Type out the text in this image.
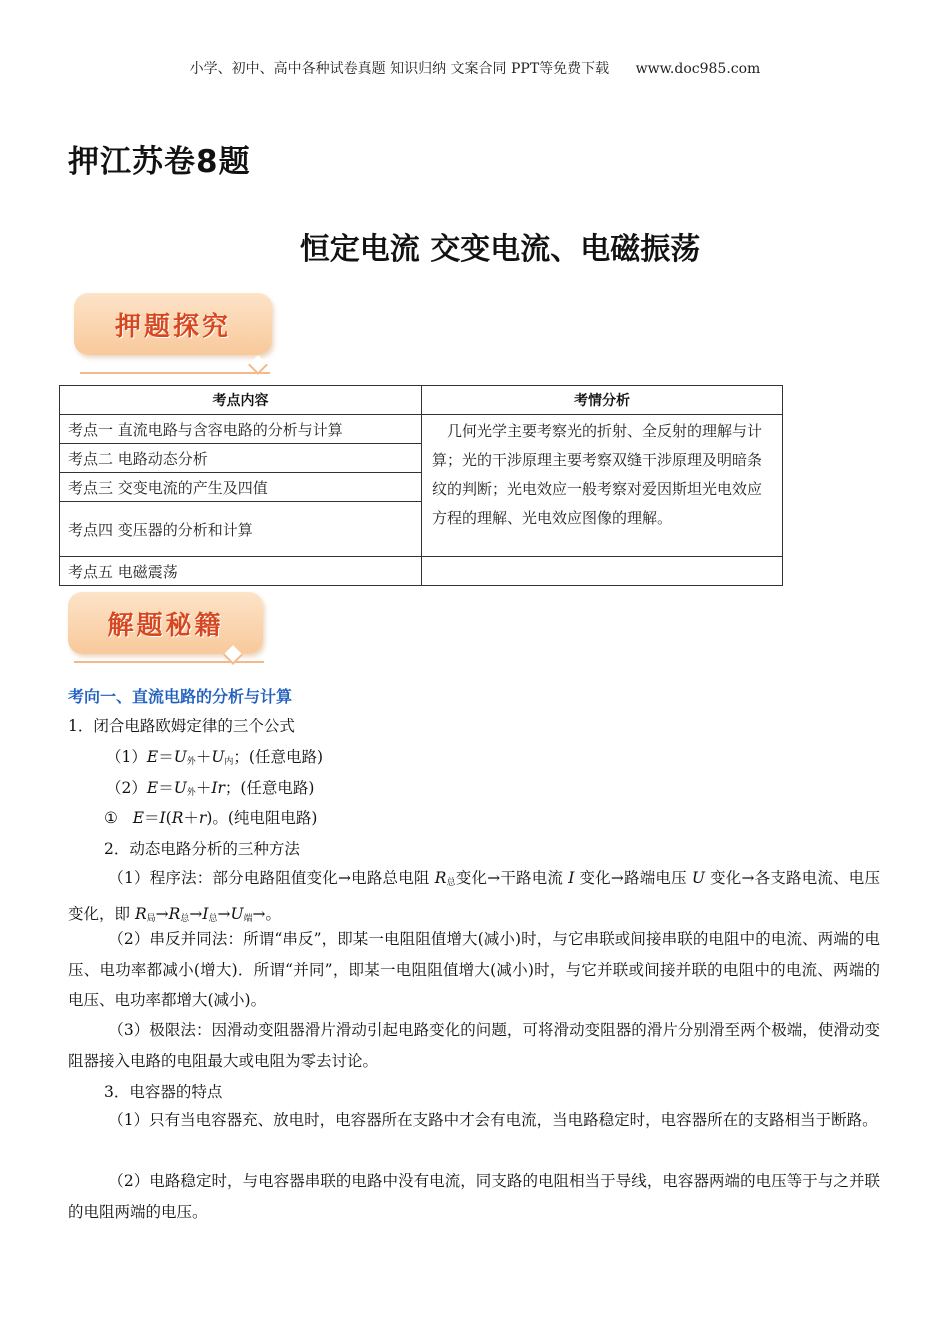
小学、初中、高中各种试卷真题 知识归纳 文案合同 PPT等免费下载 www.doc985.com
押江苏卷8题
恒定电流 交变电流、电磁振荡
押题探究
考点内容	考情分析
考点一 直流电路与含容电路的分析与计算	几何光学主要考察光的折射、全反射的理解与计算；光的干涉原理主要考察双缝干涉原理及明暗条纹的判断；光电效应一般考察对爱因斯坦光电效应方程的理解、光电效应图像的理解。
考点二 电路动态分析	
考点三 交变电流的产生及四值	
考点四 变压器的分析和计算	
考点五 电磁震荡	
解题秘籍
考向一、直流电路的分析与计算
1．闭合电路欧姆定律的三个公式
$(1)E=U_外+U_内$；(任意电路)
$(2)E=U_外+Ir$；(任意电路)
①   E＝I(R＋r)。(纯电阻电路)
2．动态电路分析的三种方法
（1）程序法：部分电路阻值变化→电路总电阻 $R_总$变化→干路电流 I 变化→路端电压 U 变化→各支路电流、电压变化，即 $R_局\to R_总\to I_总\to U_端\to$。
（2）串反并同法：所谓“串反”，即某一电阻阻值增大(减小)时，与它串联或间接串联的电阻中的电流、两端的电压、电功率都减小(增大)．所谓“并同”，即某一电阻阻值增大(减小)时，与它并联或间接并联的电阻中的电流、两端的电压、电功率都增大(减小)。
（3）极限法：因滑动变阻器滑片滑动引起电路变化的问题，可将滑动变阻器的滑片分别滑至两个极端，使滑动变阻器接入电路的电阻最大或电阻为零去讨论。
3．电容器的特点
（1）只有当电容器充、放电时，电容器所在支路中才会有电流，当电路稳定时，电容器所在的支路相当于断路。
（2）电路稳定时，与电容器串联的电路中没有电流，同支路的电阻相当于导线，电容器两端的电压等于与之并联的电阻两端的电压。
